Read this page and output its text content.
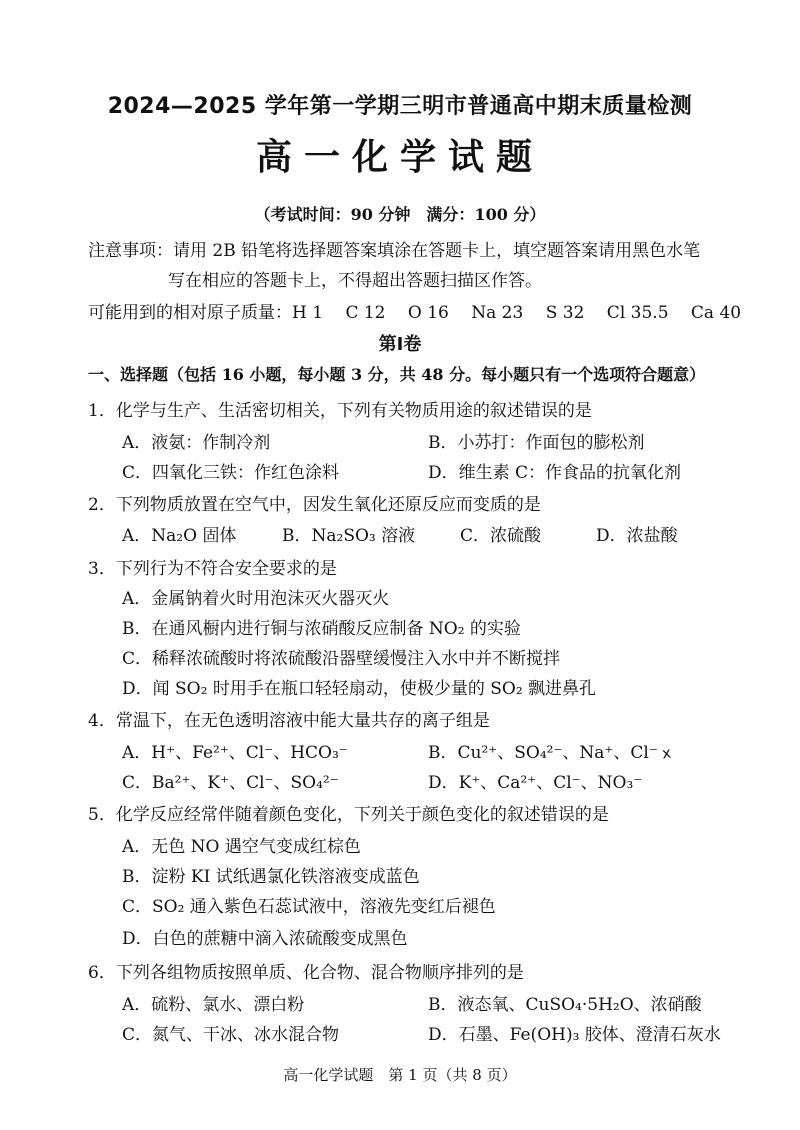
2024—2025 学年第一学期三明市普通高中期末质量检测
高一化学试题
（考试时间：90 分钟　满分：100 分）
注意事项：请用 2B 铅笔将选择题答案填涂在答题卡上，填空题答案请用黑色水笔
写在相应的答题卡上，不得超出答题扫描区作答。
可能用到的相对原子质量：H 1　 C 12　 O 16　 Na 23　 S 32　 Cl 35.5　 Ca 40
第Ⅰ卷
一、选择题（包括 16 小题，每小题 3 分，共 48 分。每小题只有一个选项符合题意）
1．化学与生产、生活密切相关，下列有关物质用途的叙述错误的是
A．液氨：作制冷剂	B．小苏打：作面包的膨松剂
C．四氧化三铁：作红色涂料	D．维生素 C：作食品的抗氧化剂
2．下列物质放置在空气中，因发生氧化还原反应而变质的是
A．Na₂O 固体	B．Na₂SO₃ 溶液	C．浓硫酸	D．浓盐酸
3．下列行为不符合安全要求的是
A．金属钠着火时用泡沫灭火器灭火
B．在通风橱内进行铜与浓硝酸反应制备 NO₂ 的实验
C．稀释浓硫酸时将浓硫酸沿器壁缓慢注入水中并不断搅拌
D．闻 SO₂ 时用手在瓶口轻轻扇动，使极少量的 SO₂ 飘进鼻孔
4．常温下，在无色透明溶液中能大量共存的离子组是
A．H⁺、Fe²⁺、Cl⁻、HCO₃⁻	B．Cu²⁺、SO₄²⁻、Na⁺、Cl⁻ x
C．Ba²⁺、K⁺、Cl⁻、SO₄²⁻	D．K⁺、Ca²⁺、Cl⁻、NO₃⁻
5．化学反应经常伴随着颜色变化，下列关于颜色变化的叙述错误的是
A．无色 NO 遇空气变成红棕色
B．淀粉 KI 试纸遇氯化铁溶液变成蓝色
C．SO₂ 通入紫色石蕊试液中，溶液先变红后褪色
D．白色的蔗糖中滴入浓硫酸变成黑色
6．下列各组物质按照单质、化合物、混合物顺序排列的是
A．硫粉、氯水、漂白粉	B．液态氧、CuSO₄·5H₂O、浓硝酸
C．氮气、干冰、冰水混合物	D．石墨、Fe(OH)₃ 胶体、澄清石灰水
高一化学试题　第 1 页（共 8 页）
